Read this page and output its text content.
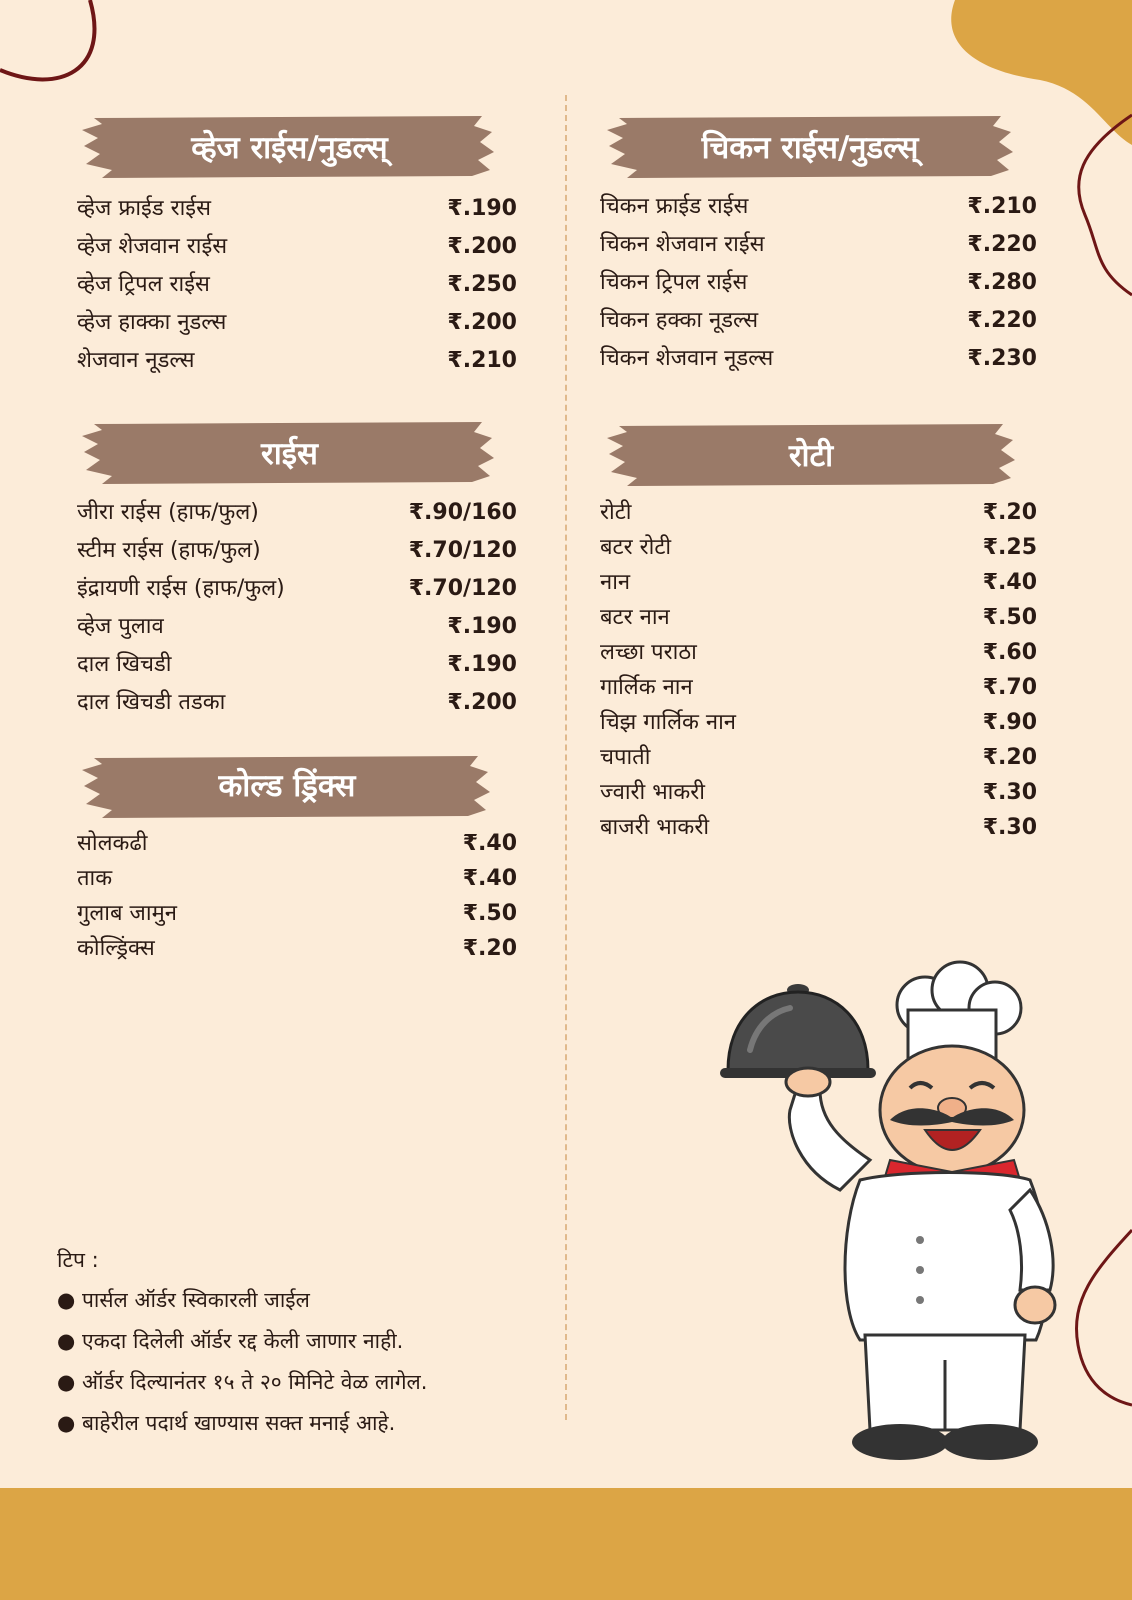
व्हेज राईस/नुडल्स्
व्हेज फ्राईड राईस	₹.190
व्हेज शेजवान राईस	₹.200
व्हेज ट्रिपल राईस	₹.250
व्हेज हाक्का नुडल्स	₹.200
शेजवान नूडल्स	₹.210
चिकन राईस/नुडल्स्
चिकन फ्राईड राईस	₹.210
चिकन शेजवान राईस	₹.220
चिकन ट्रिपल राईस	₹.280
चिकन हक्का नूडल्स	₹.220
चिकन शेजवान नूडल्स	₹.230
राईस
जीरा राईस (हाफ/फुल)	₹.90/160
स्टीम राईस (हाफ/फुल)	₹.70/120
इंद्रायणी राईस (हाफ/फुल)	₹.70/120
व्हेज पुलाव	₹.190
दाल खिचडी	₹.190
दाल खिचडी तडका	₹.200
रोटी
रोटी	₹.20
बटर रोटी	₹.25
नान	₹.40
बटर नान	₹.50
लच्छा पराठा	₹.60
गार्लिक नान	₹.70
चिझ गार्लिक नान	₹.90
चपाती	₹.20
ज्वारी भाकरी	₹.30
बाजरी भाकरी	₹.30
कोल्ड ड्रिंक्स
सोलकढी	₹.40
ताक	₹.40
गुलाब जामुन	₹.50
कोल्ड्रिंक्स	₹.20
टिप :
● पार्सल ऑर्डर स्विकारली जाईल
● एकदा दिलेली ऑर्डर रद्द केली जाणार नाही.
● ऑर्डर दिल्यानंतर १५ ते २० मिनिटे वेळ लागेल.
● बाहेरील पदार्थ खाण्यास सक्त मनाई आहे.
